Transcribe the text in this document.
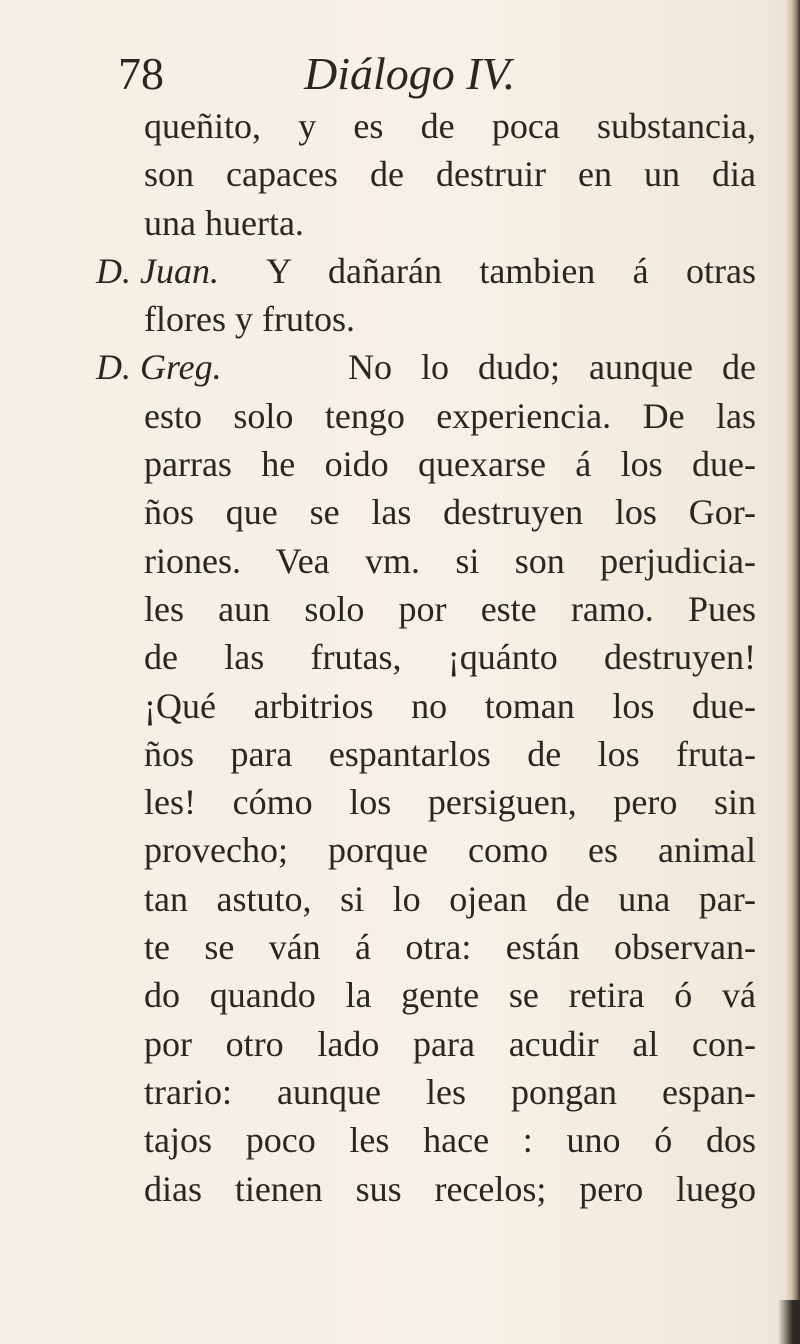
78	Diálogo IV.
queñito, y es de poca substancia,
son capaces de destruir en un dia
una huerta.
D. Juan. Y dañarán tambien á otras
flores y frutos.
D. Greg.	No lo dudo; aunque de
esto solo tengo experiencia. De las
parras he oido quexarse á los due-
ños que se las destruyen los Gor-
riones. Vea vm. si son perjudicia-
les aun solo por este ramo. Pues
de las frutas, ¡quánto destruyen!
¡Qué arbitrios no toman los due-
ños para espantarlos de los fruta-
les! cómo los persiguen, pero sin
provecho; porque como es animal
tan astuto, si lo ojean de una par-
te se ván á otra: están observan-
do quando la gente se retira ó vá
por otro lado para acudir al con-
trario: aunque les pongan espan-
tajos poco les hace : uno ó dos
dias tienen sus recelos; pero luego
